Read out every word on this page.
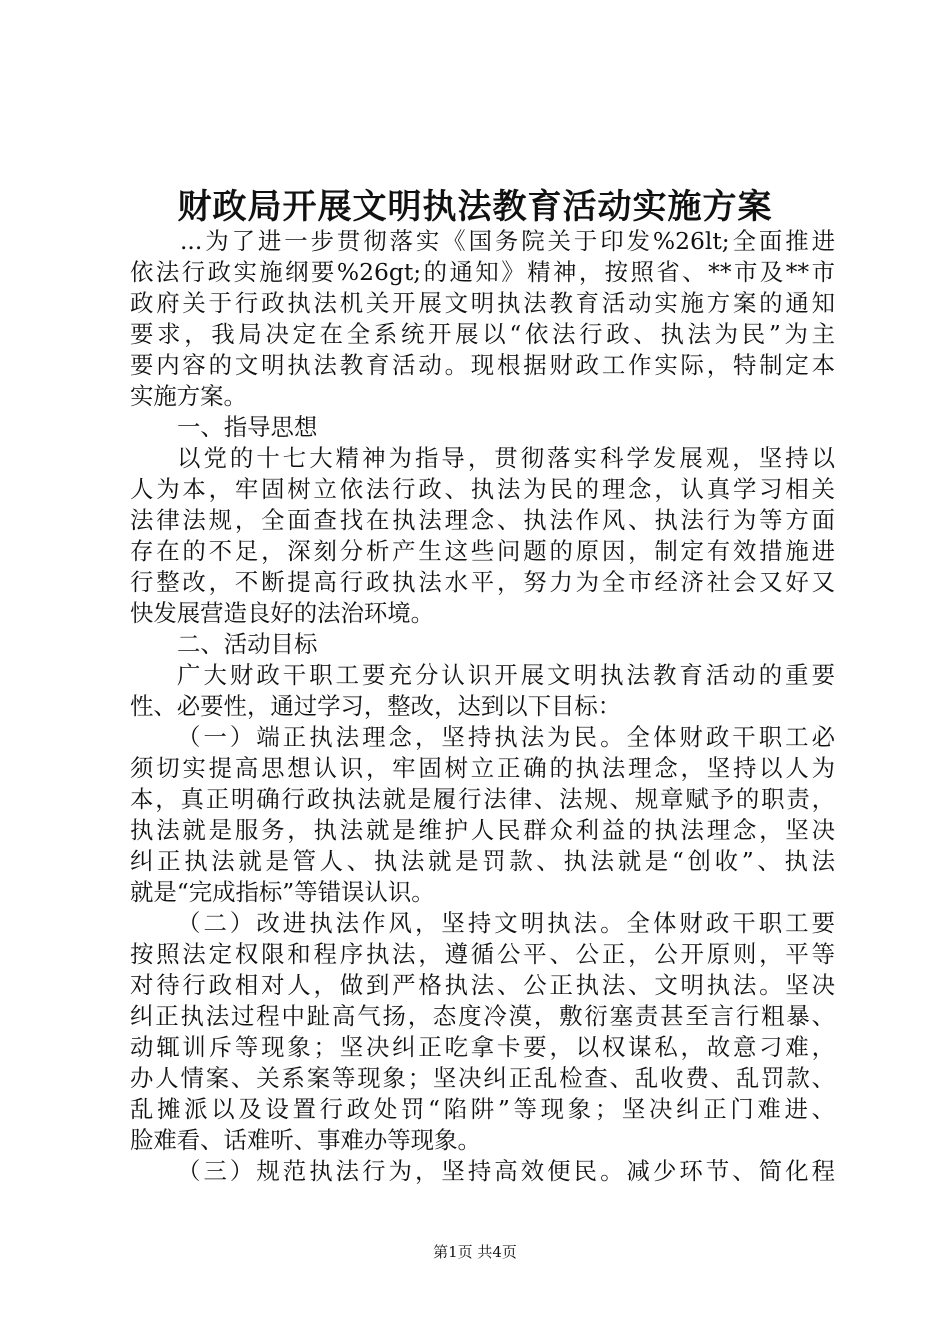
财政局开展文明执法教育活动实施方案
...为了进一步贯彻落实《国务院关于印发%26lt;全面推进
依法行政实施纲要%26gt;的通知》精神，按照省、**市及**市
政府关于行政执法机关开展文明执法教育活动实施方案的通知
要求，我局决定在全系统开展以“依法行政、执法为民”为主
要内容的文明执法教育活动。现根据财政工作实际，特制定本
实施方案。
一、指导思想
以党的十七大精神为指导，贯彻落实科学发展观，坚持以
人为本，牢固树立依法行政、执法为民的理念，认真学习相关
法律法规，全面查找在执法理念、执法作风、执法行为等方面
存在的不足，深刻分析产生这些问题的原因，制定有效措施进
行整改，不断提高行政执法水平，努力为全市经济社会又好又
快发展营造良好的法治环境。
二、活动目标
广大财政干职工要充分认识开展文明执法教育活动的重要
性、必要性，通过学习，整改，达到以下目标：
（一）端正执法理念，坚持执法为民。全体财政干职工必
须切实提高思想认识，牢固树立正确的执法理念，坚持以人为
本，真正明确行政执法就是履行法律、法规、规章赋予的职责，
执法就是服务，执法就是维护人民群众利益的执法理念，坚决
纠正执法就是管人、执法就是罚款、执法就是“创收”、执法
就是“完成指标”等错误认识。
（二）改进执法作风，坚持文明执法。全体财政干职工要
按照法定权限和程序执法，遵循公平、公正，公开原则，平等
对待行政相对人，做到严格执法、公正执法、文明执法。坚决
纠正执法过程中趾高气扬，态度冷漠，敷衍塞责甚至言行粗暴、
动辄训斥等现象；坚决纠正吃拿卡要，以权谋私，故意刁难，
办人情案、关系案等现象；坚决纠正乱检查、乱收费、乱罚款、
乱摊派以及设置行政处罚“陷阱”等现象；坚决纠正门难进、
脸难看、话难听、事难办等现象。
（三）规范执法行为，坚持高效便民。减少环节、简化程
第1页 共4页
